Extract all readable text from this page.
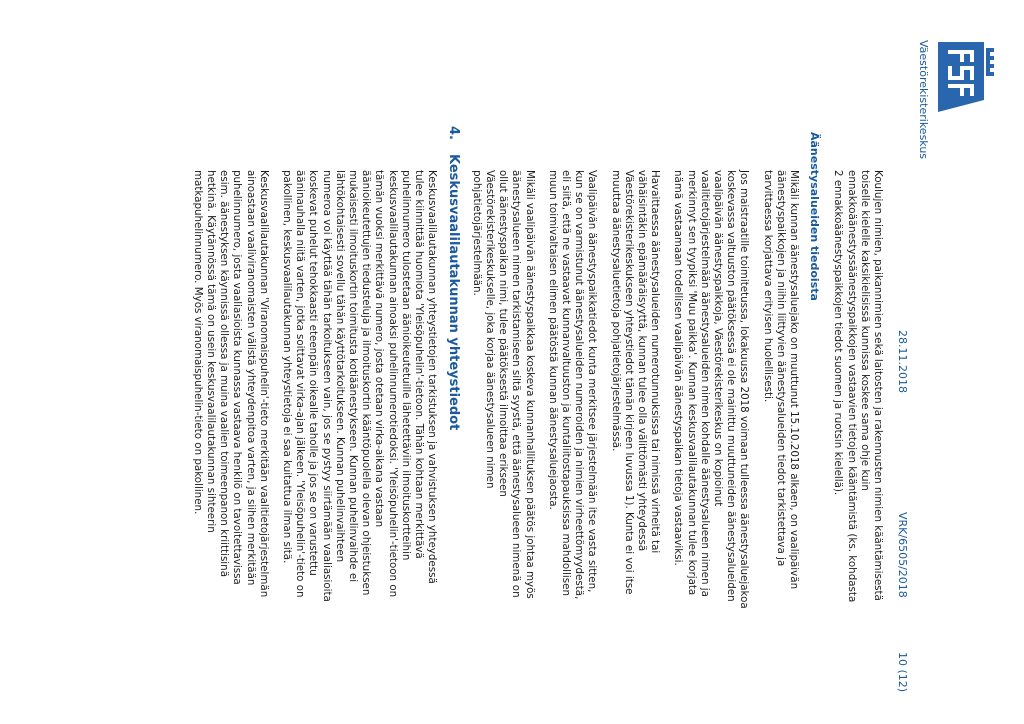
Väestörekisterikeskus
28.11.2018
VRK/6505/2018
10 (12)

Koulujen nimien, paikannimien sekä laitosten ja rakennusten nimien kääntämisestä toiselle kielelle kaksikielisissä kunnissa koskee sama ohje kuin ennakkoäänestyssäänestyspaikkojen vastaavien tietojen kääntämistä (ks. kohdasta 2 ennakkoäänestyspaikkojen tiedot suomen ja ruotsin kielellä).

Äänestysalueiden tiedoista

Mikäli kunnan äänestysaluejako on muuttunut 15.10.2018 alkaen, on vaalipäivän äänestyspaikkojen ja niihin liittyvien äänestysalueiden tiedot tarkistettava ja tarvittaessa korjattava erityisen huolellisesti.

Jos maistraatille toimitetussa, lokakuussa 2018 voimaan tulleessa äänestysaluejakoa koskevassa valtuuston päätöksessä ei ole mainittu muuttuneiden äänestysalueiden vaalipäivän äänestyspaikkoja, Väestörekisterikeskus on kopioinut vaalitietojärjestelmään äänestysalueiden nimen kohdalle äänestysalueen nimen ja merkinnyt sen tyypiksi 'Muu paikka'. Kunnan keskusvaalilautakunnan tulee korjata nämä vastaamaan todellisen vaalipäivän äänestyspaikan tietoja vastaaviksi.

Havaittaessa äänestysalueiden numerotunnuksissa tai nimissä virheitä tai vähäisintäkin epämääräisyyttä, kunnan tulee olla välittömästi yhteydessä Väestörekisterikeskukseen yhteystiedot tämän kirjeen luvussa 1). Kunta ei voi itse muuttaa äänestysaluetietoja pohjatietojärjestelmässä.

Vaalipäivän äänestyspaikkatiedot kunta merkitsee järjestelmään itse vasta sitten, kun se on varmistunut äänestysalueiden numeroiden ja nimien virheettömyydestä, eli siitä, että ne vastaavat kunnanvaltuuston ja kuntaliitostapauksissa mahdollisen muun toimivaltaisen elimen päätöstä kunnan äänestysaluejaosta.

Mikäli vaalipäivän äänestyspaikkaa koskeva kunnanhallituksen päätös johtaa myös äänestysalueen nimen tarkistamiseen siltä syystä, että äänestysalueen nimenä on ollut äänestyspaikan nimi, tulee päätöksestä ilmoittaa erikseen Väestörekisterikeskukselle, joka korjaa äänestysalueen nimen pohjatietojärjestelmään.

4.Keskusvaalilautakunnan yhteystiedot

Keskusvaalilautakunnan yhteystietojen tarkistuksen ja vahvistuksen yhteydessä tulee kiinnittää huomiota 'Yleisöpuhelin'-tietoon. Tähän kohtaan merkittävä puhelinnumero tulostetaan äänioikeutetuille lähetettäviin ilmoituskortteihin keskusvaalilautakunnan ainoaksi puhelinnumerotiedoksi. 'Yleisöpuhelin'-tietoon on tämän vuoksi merkittävä numero, josta otetaan virka-aikana vastaan äänioikeutettujen tiedusteluja ja ilmoituskortin kääntöpuolella olevan ohjeistuksen mukaisesti ilmoituskortin toimitusta kotiäänestykseen. Kunnan puhelinvaihde ei lähtökohtaisesti sovellu tähän käyttötarkoitukseen. Kunnan puhelinvaihteen numeroa voi käyttää tähän tarkoitukseen vain, jos se pystyy siirtämään vaaliasioita koskevat puhelut tehokkaasti eteenpäin oikealle taholle ja jos se on varustettu ääninauhalla niitä varten, jotka soittavat virka-ajan jälkeen. 'Yleisöpuhelin'-tieto on pakollinen, keskusvaalilautakunnan yhteystietoja ei saa kuitattua ilman sitä.

Keskusvaalilautakunnan 'Viranomaispuhelin'-tieto merkitään vaalitietojärjestelmän ainoastaan vaaliviranomaisten välistä yhteydenpitoa varten, ja siihen merkitään puhelinnumero, josta vaaliasioista kunnassa vastaava henkilö on tavoitettavissa esim. äänestyksen käynnissä ollessa ja muina vaalien toimeenpanon kriittisinä hetkinä. Käytännössä tämä on usein keskusvaalilautakunnan sihteerin matkapuhelinnumero. Myös viranomaispuhelin-tieto on pakollinen.
